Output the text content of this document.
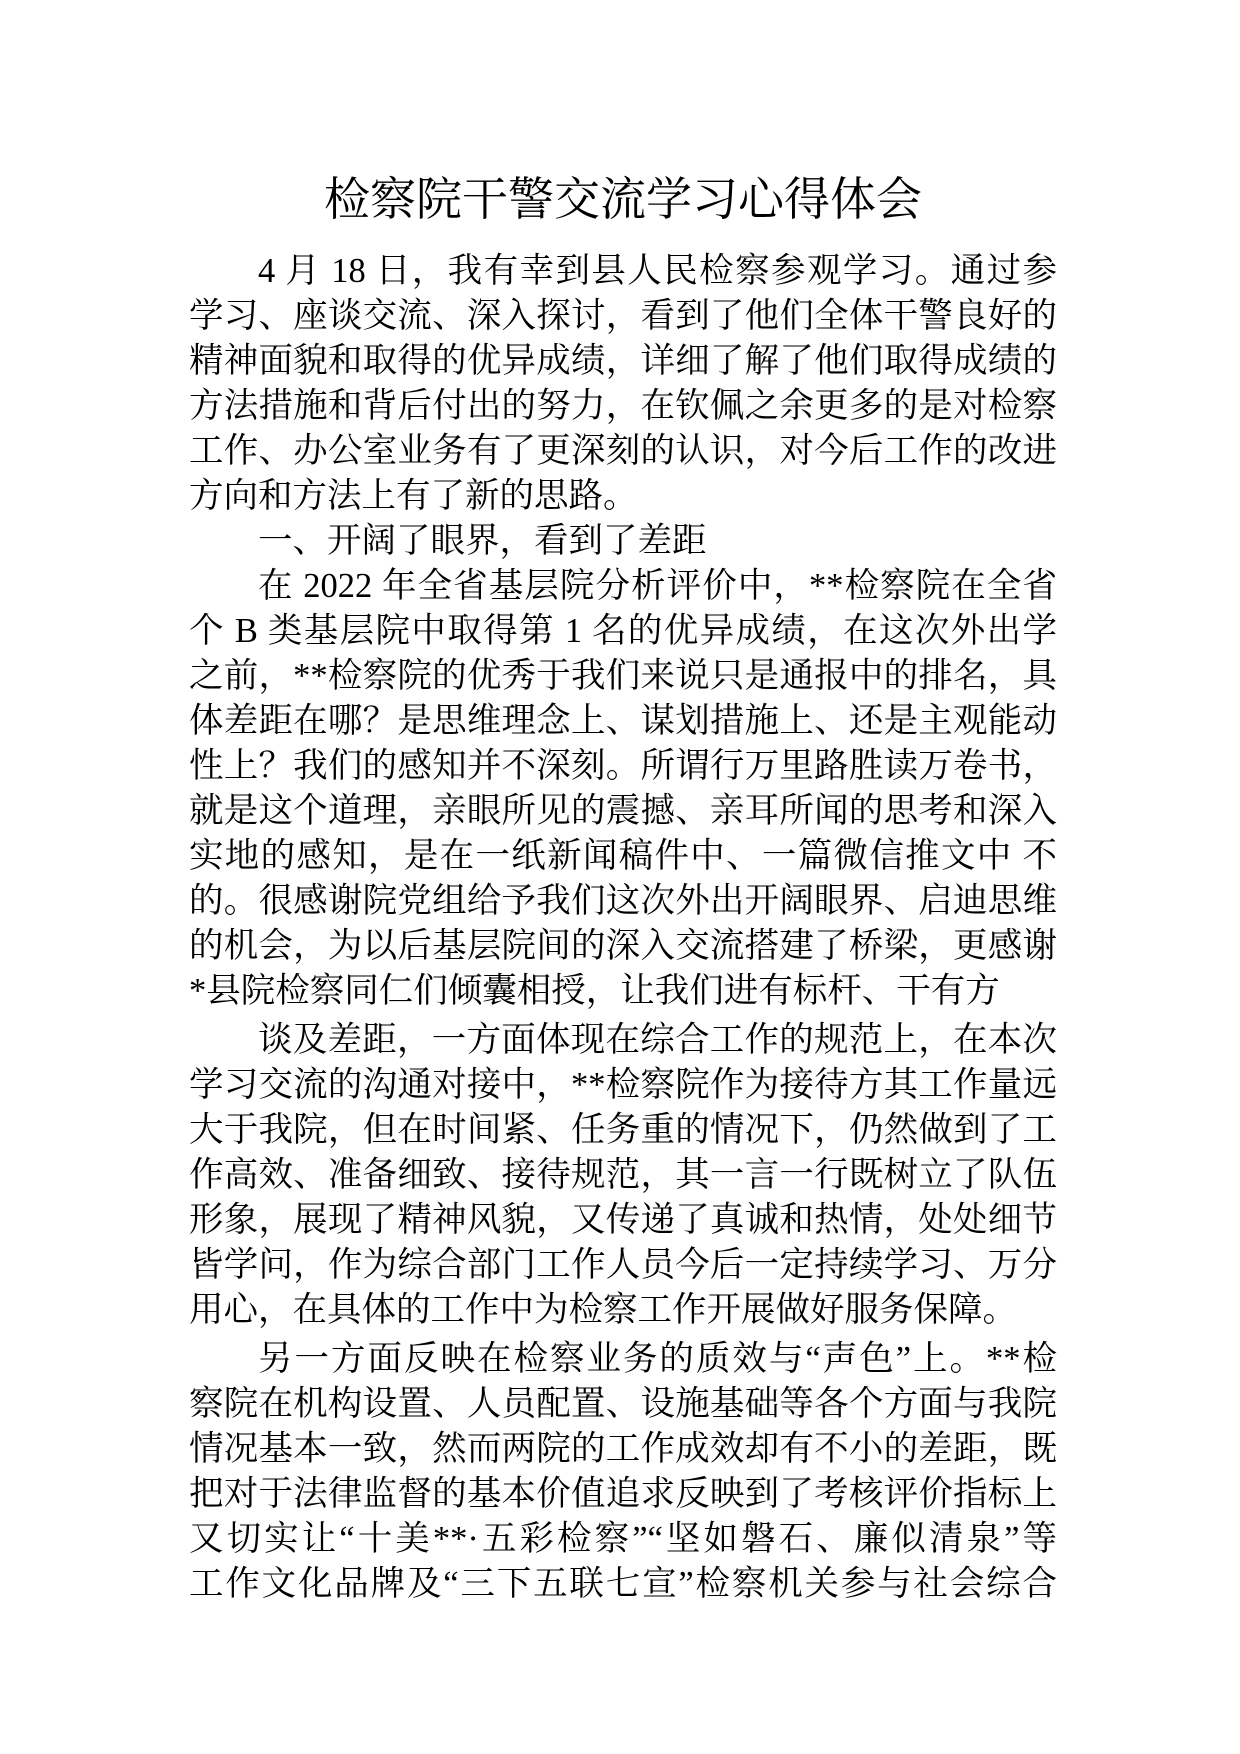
检察院干警交流学习心得体会
4 月 18 日，我有幸到县人民检察参观学习。通过参
学习、座谈交流、深入探讨，看到了他们全体干警良好的
精神面貌和取得的优异成绩，详细了解了他们取得成绩的
方法措施和背后付出的努力，在钦佩之余更多的是对检察
工作、办公室业务有了更深刻的认识，对今后工作的改进
方向和方法上有了新的思路。
一、开阔了眼界，看到了差距
在 2022 年全省基层院分析评价中，**检察院在全省
个 B 类基层院中取得第 1 名的优异成绩，在这次外出学
之前，**检察院的优秀于我们来说只是通报中的排名，具
体差距在哪？是思维理念上、谋划措施上、还是主观能动
性上？我们的感知并不深刻。所谓行万里路胜读万卷书，
就是这个道理，亲眼所见的震撼、亲耳所闻的思考和深入
实地的感知，是在一纸新闻稿件中、一篇微信推文中 不
的。很感谢院党组给予我们这次外出开阔眼界、启迪思维
的机会，为以后基层院间的深入交流搭建了桥梁，更感谢
*县院检察同仁们倾囊相授，让我们进有标杆、干有方
谈及差距，一方面体现在综合工作的规范上，在本次
学习交流的沟通对接中，**检察院作为接待方其工作量远
大于我院，但在时间紧、任务重的情况下，仍然做到了工
作高效、准备细致、接待规范，其一言一行既树立了队伍
形象，展现了精神风貌，又传递了真诚和热情，处处细节
皆学问，作为综合部门工作人员今后一定持续学习、万分
用心，在具体的工作中为检察工作开展做好服务保障。
另一方面反映在检察业务的质效与“声色”上。**检
察院在机构设置、人员配置、设施基础等各个方面与我院
情况基本一致，然而两院的工作成效却有不小的差距，既
把对于法律监督的基本价值追求反映到了考核评价指标上
又切实让“十美**·五彩检察”“坚如磐石、廉似清泉”等
工作文化品牌及“三下五联七宣”检察机关参与社会综合
